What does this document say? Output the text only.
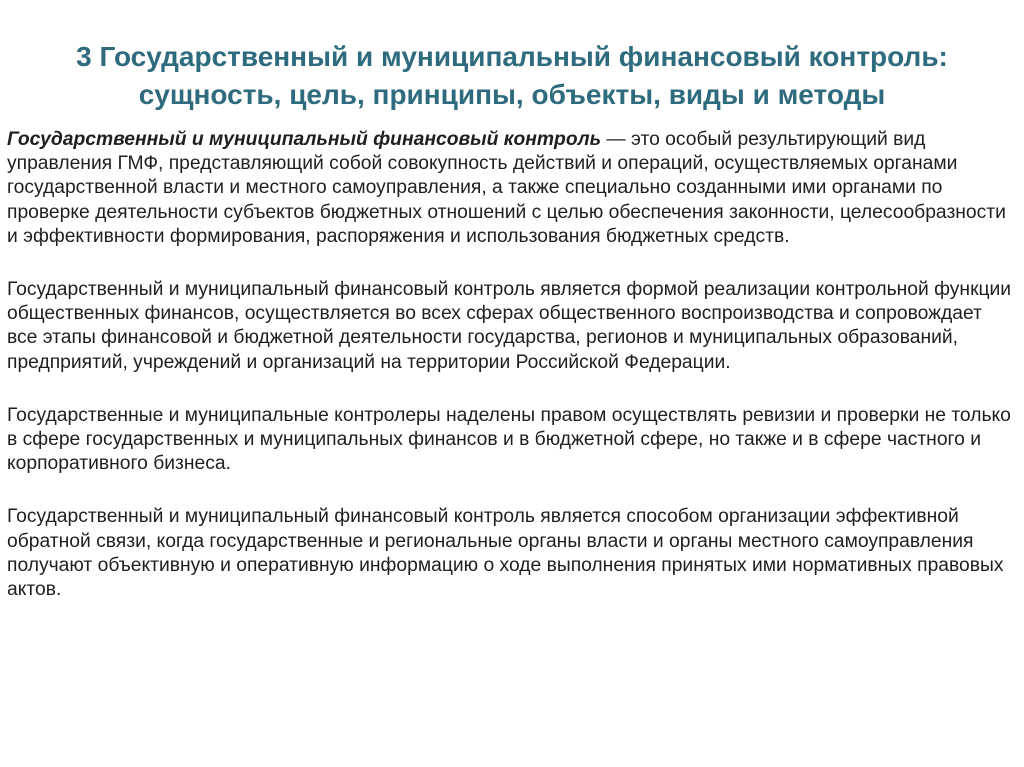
3 Государственный и муниципальный финансовый контроль:
сущность, цель, принципы, объекты, виды и методы

Государственный и муниципальный финансовый контроль — это особый результирующий вид управления ГМФ, представляющий собой совокупность действий и операций, осуществляемых органами государственной власти и местного самоуправления, а также специально созданными ими органами по проверке деятельности субъектов бюджетных отношений с целью обеспечения законности, целесообразности и эффективности формирования, распоряжения и использования бюджетных средств.

Государственный и муниципальный финансовый контроль является формой реализации контрольной функции общественных финансов, осуществляется во всех сферах общественного воспроизводства и сопровождает все этапы финансовой и бюджетной деятельности государства, регионов и муниципальных образований, предприятий, учреждений и организаций на территории Российской Федерации.

Государственные и муниципальные контролеры наделены правом осуществлять ревизии и проверки не только в сфере государственных и муниципальных финансов и в бюджетной сфере, но также и в сфере частного и корпоративного бизнеса.

Государственный и муниципальный финансовый контроль является способом организации эффективной обратной связи, когда государственные и региональные органы власти и органы местного самоуправления получают объективную и оперативную информацию о ходе выполнения принятых ими нормативных правовых актов.
